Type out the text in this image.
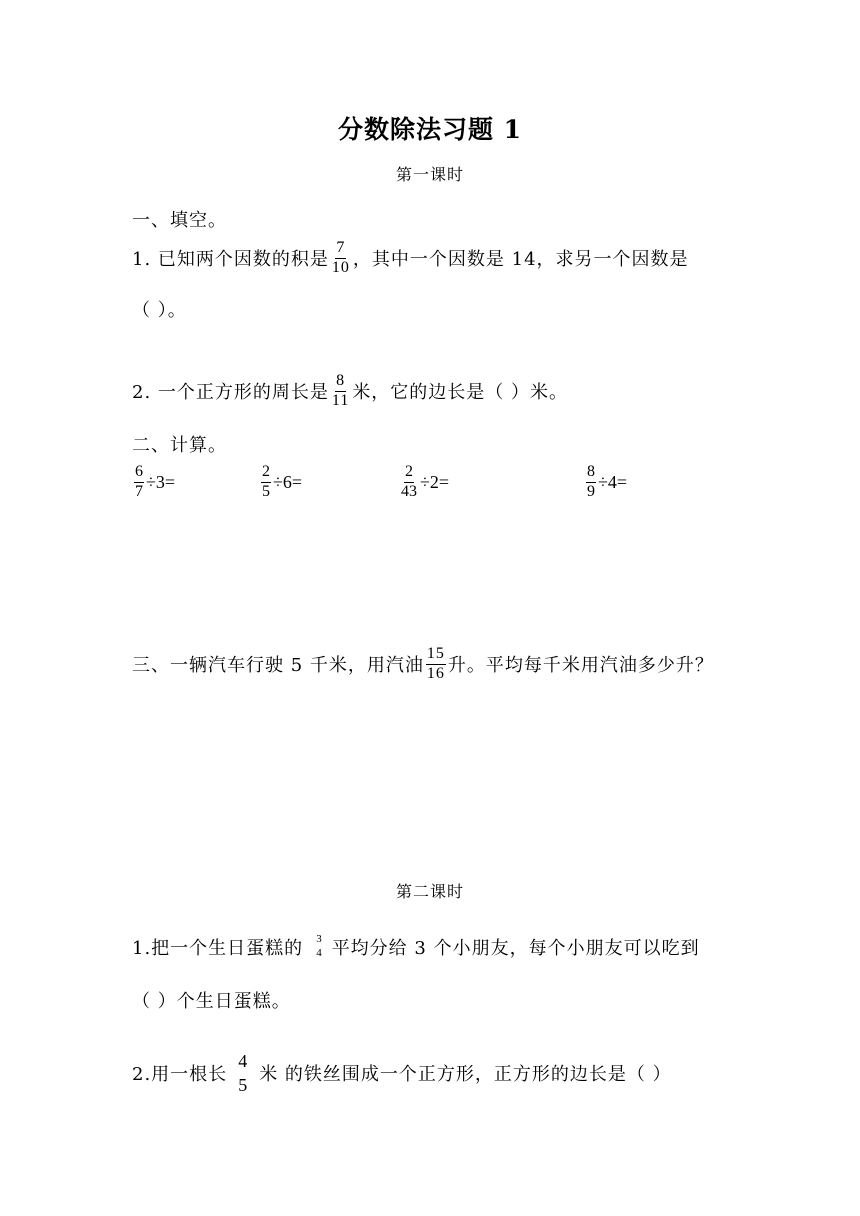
分数除法习题 1
第一课时
一、填空。
1. 已知两个因数的积是 $\frac{7}{10}$ ，其中一个因数是 14，求另一个因数是
（ ）。
2. 一个正方形的周长是 $\frac{8}{11}$ 米，它的边长是（ ）米。
二、计算。
$\frac{6}{7} \div 3=$	$\frac{2}{5} \div 6=$	$\frac{2}{43} \div 2=$	$\frac{8}{9} \div 4=$
三、一辆汽车行驶 5 千米，用汽油 $\frac{15}{16}$ 升。平均每千米用汽油多少升？
第二课时
1.把一个生日蛋糕的 3
4 平均分给 3 个小朋友，每个小朋友可以吃到
（ ）个生日蛋糕。
2.用一根长
4
5 米 的铁丝围成一个正方形，正方形的边长是（ ）
